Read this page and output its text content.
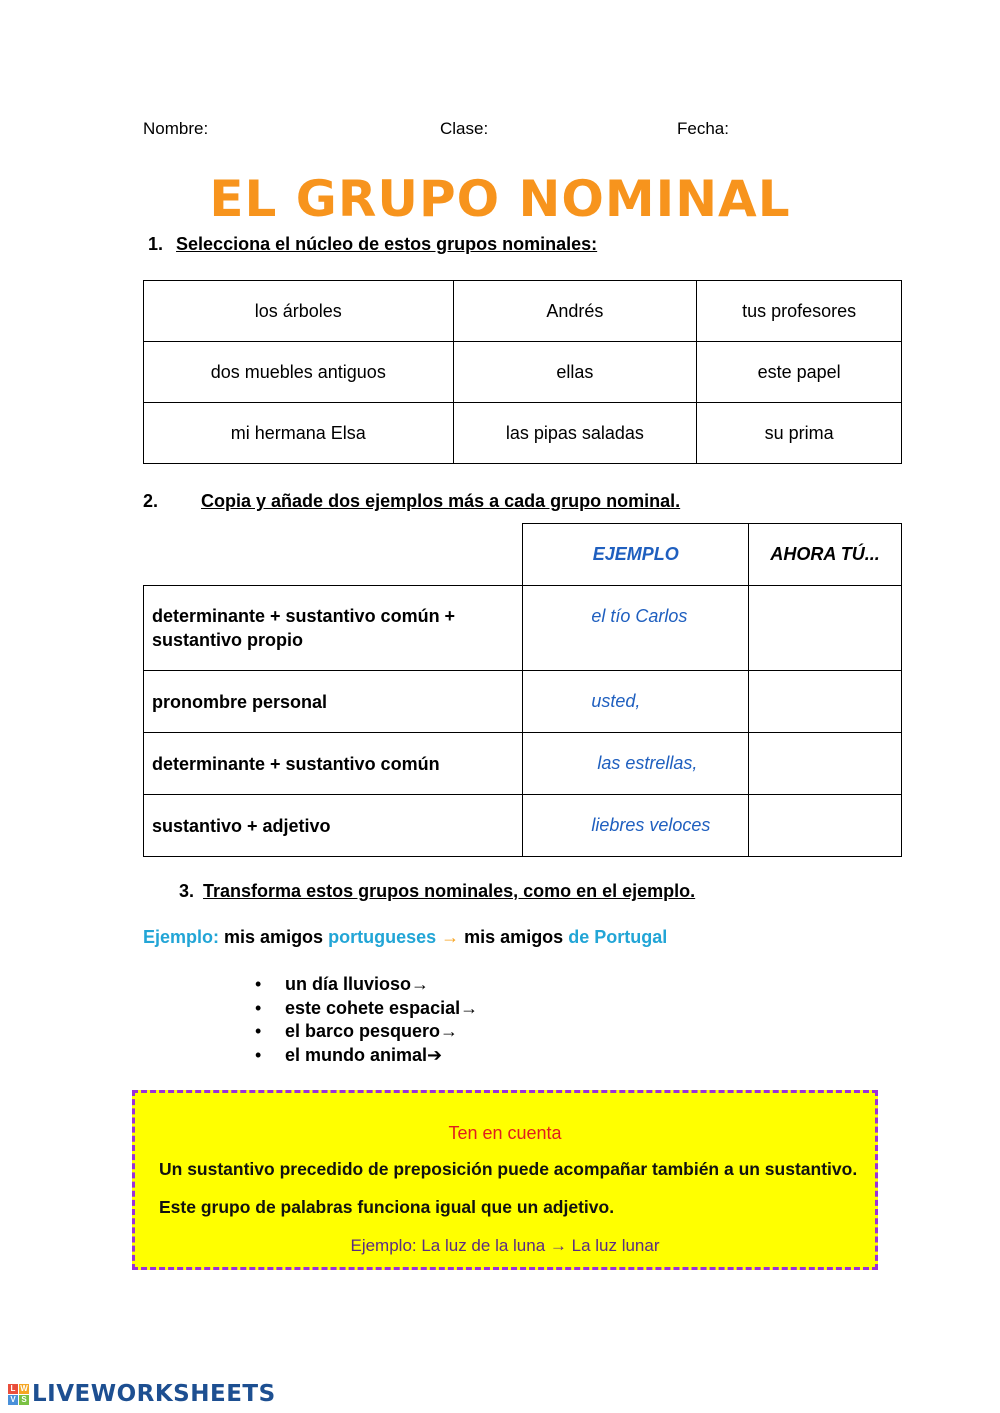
Nombre:	Clase:	Fecha:
EL GRUPO NOMINAL
1. Selecciona el núcleo de estos grupos nominales:
los árboles	Andrés	tus profesores
dos muebles antiguos	ellas	este papel
mi hermana Elsa	las pipas saladas	su prima
2. Copia y añade dos ejemplos más a cada grupo nominal.
	EJEMPLO	AHORA TÚ...
determinante + sustantivo común + sustantivo propio	el tío Carlos	
pronombre personal	usted,	
determinante + sustantivo común	las estrellas,	
sustantivo + adjetivo	liebres veloces	
3. Transforma estos grupos nominales, como en el ejemplo.
Ejemplo: mis amigos portugueses → mis amigos de Portugal
• un día lluvioso→
• este cohete espacial→
• el barco pesquero→
• el mundo animal➔
Ten en cuenta
Un sustantivo precedido de preposición puede acompañar también a un sustantivo.
Este grupo de palabras funciona igual que un adjetivo.
Ejemplo: La luz de la luna → La luz lunar
L W
V S LIVEWORKSHEETS
